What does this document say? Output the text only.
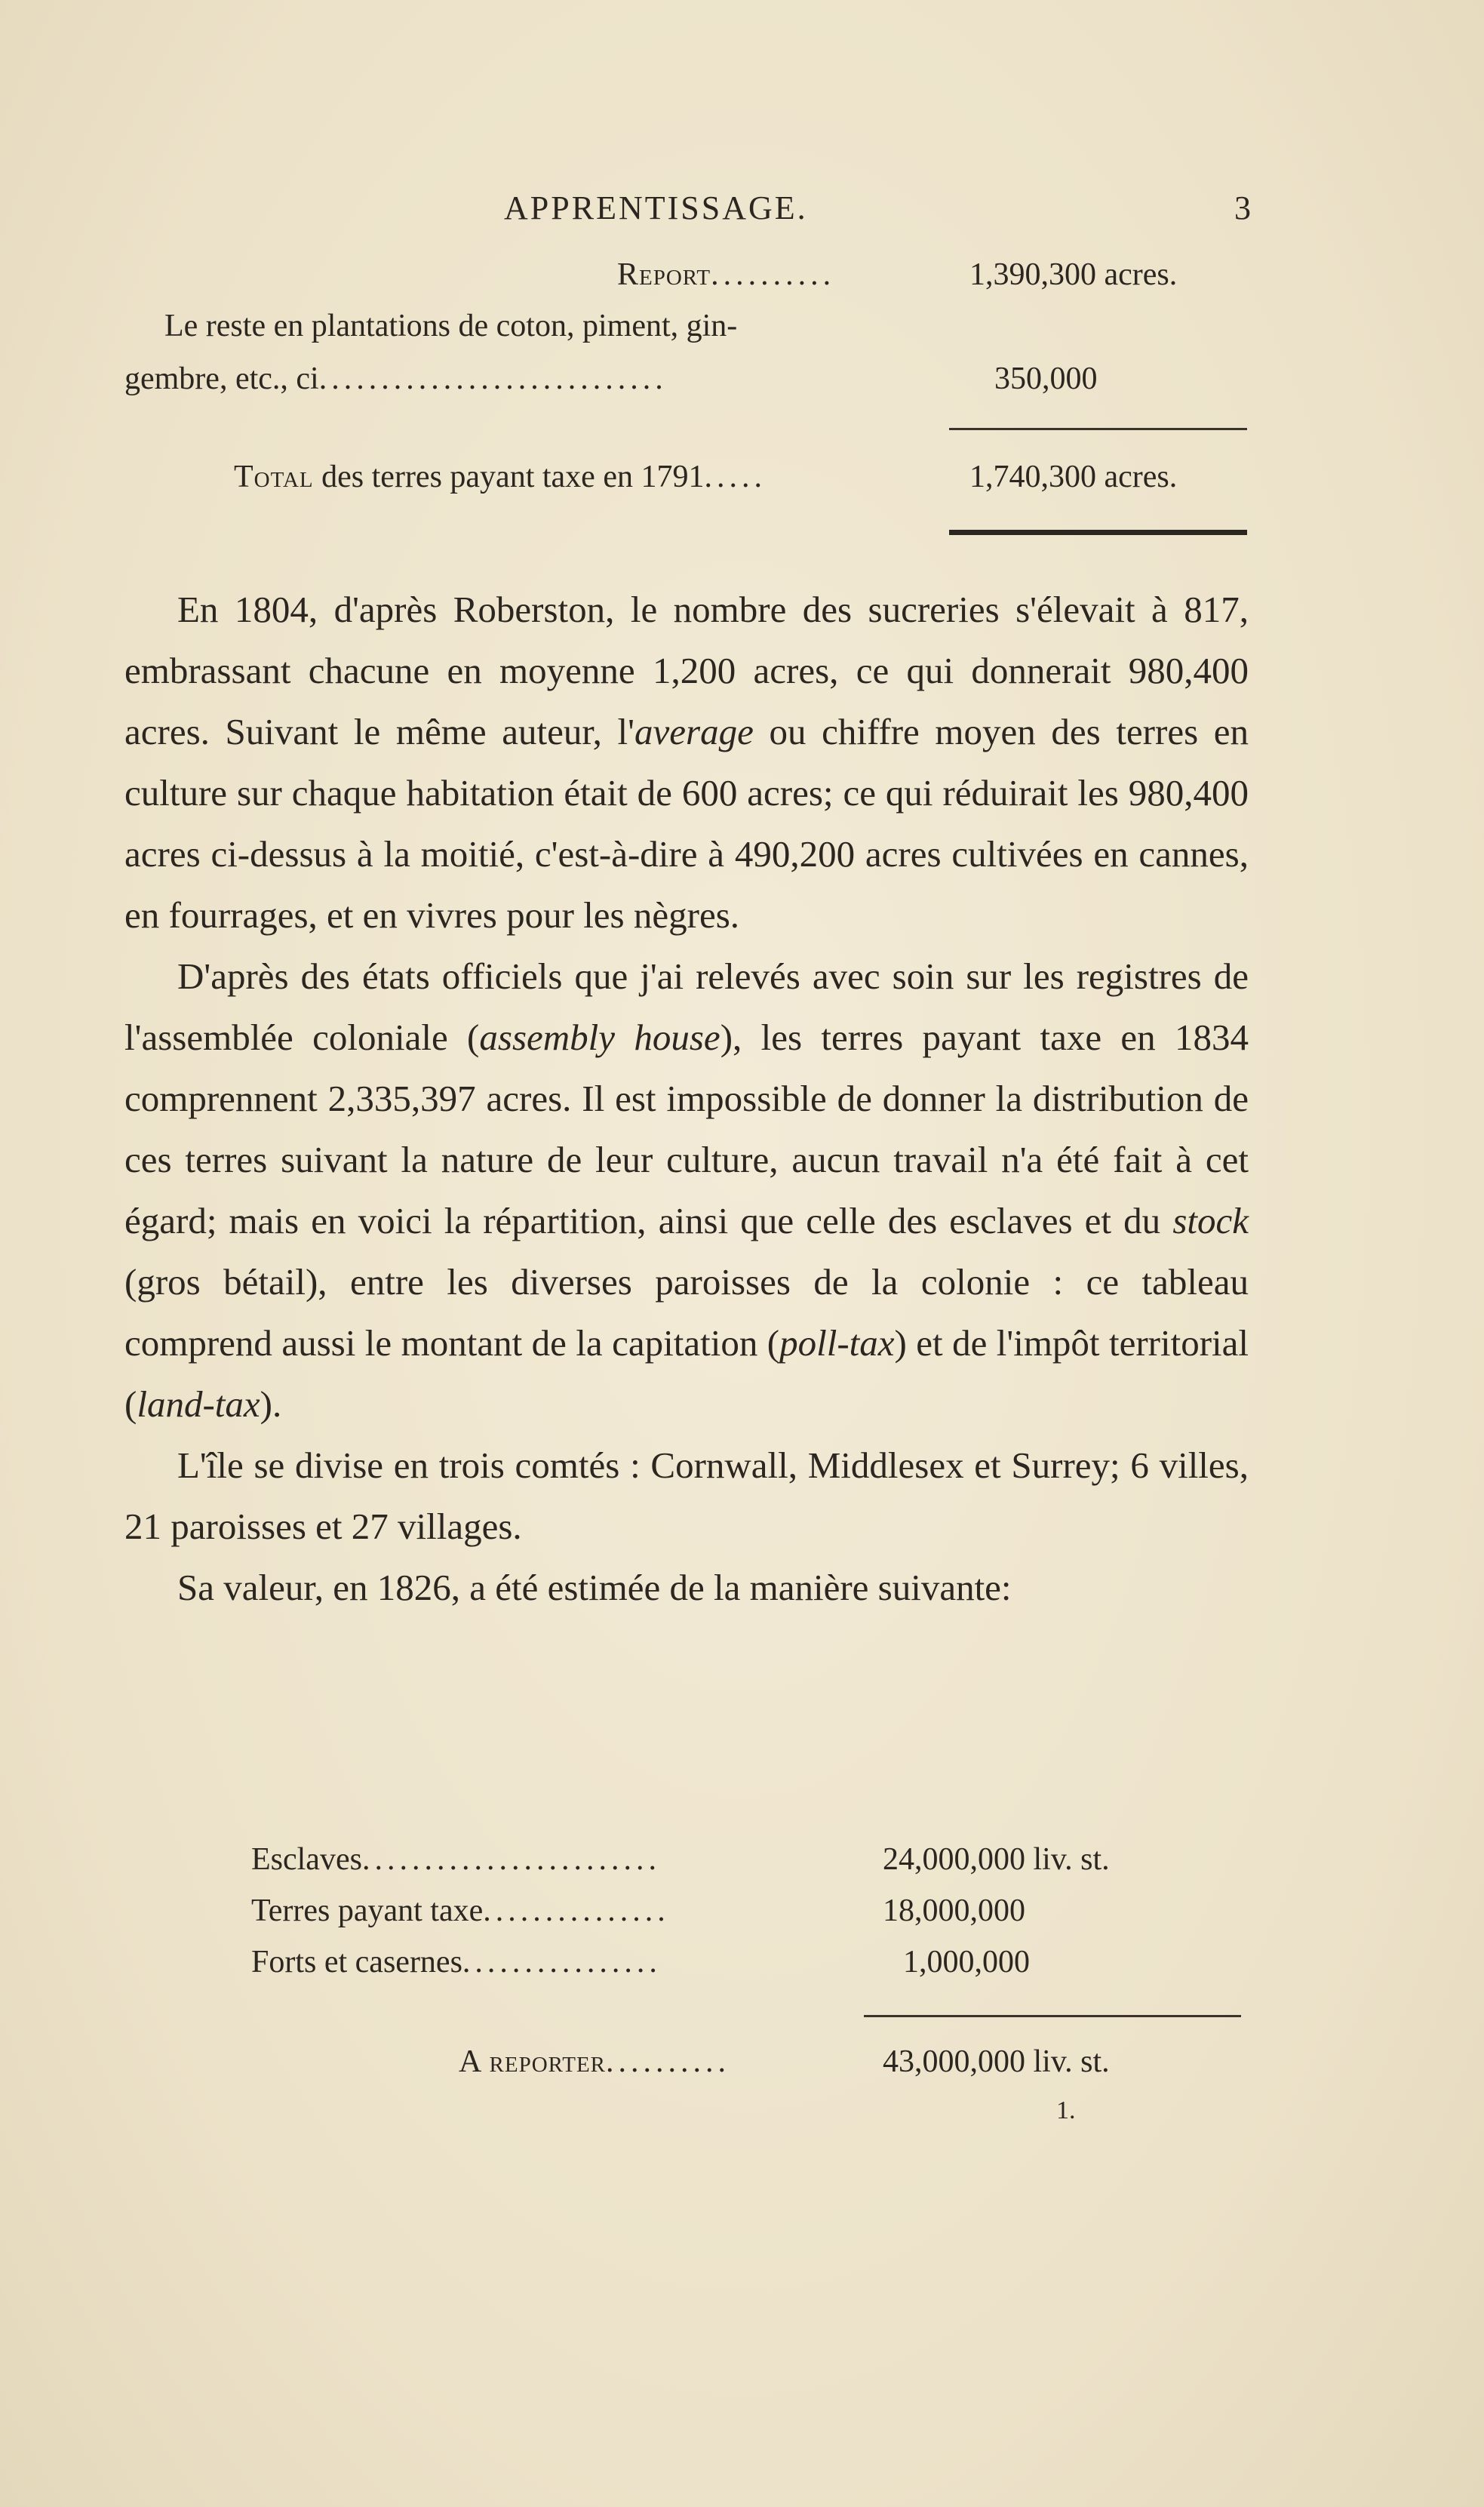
APPRENTISSAGE.	3
Report..........	1,390,300 acres.
Le reste en plantations de coton, piment, gin-
gembre, etc., ci............................	350,000
Total des terres payant taxe en 1791.....	1,740,300 acres.

En 1804, d'après Roberston, le nombre des sucreries s'élevait à 817, embrassant chacune en moyenne 1,200 acres, ce qui donnerait 980,400 acres. Suivant le même auteur, l'average ou chiffre moyen des terres en culture sur chaque habitation était de 600 acres; ce qui réduirait les 980,400 acres ci-dessus à la moitié, c'est-à-dire à 490,200 acres cultivées en cannes, en fourrages, et en vivres pour les nègres.

D'après des états officiels que j'ai relevés avec soin sur les registres de l'assemblée coloniale (assembly house), les terres payant taxe en 1834 comprennent 2,335,397 acres. Il est impossible de donner la distribution de ces terres suivant la nature de leur culture, aucun travail n'a été fait à cet égard; mais en voici la répartition, ainsi que celle des esclaves et du stock (gros bétail), entre les diverses paroisses de la colonie : ce tableau comprend aussi le montant de la capitation (poll-tax) et de l'impôt territorial (land-tax).

L'île se divise en trois comtés : Cornwall, Middlesex et Surrey; 6 villes, 21 paroisses et 27 villages.

Sa valeur, en 1826, a été estimée de la manière suivante:

Esclaves........................	24,000,000 liv. st.
Terres payant taxe...............	18,000,000
Forts et casernes................	1,000,000
A reporter..........	43,000,000 liv. st.
1.
